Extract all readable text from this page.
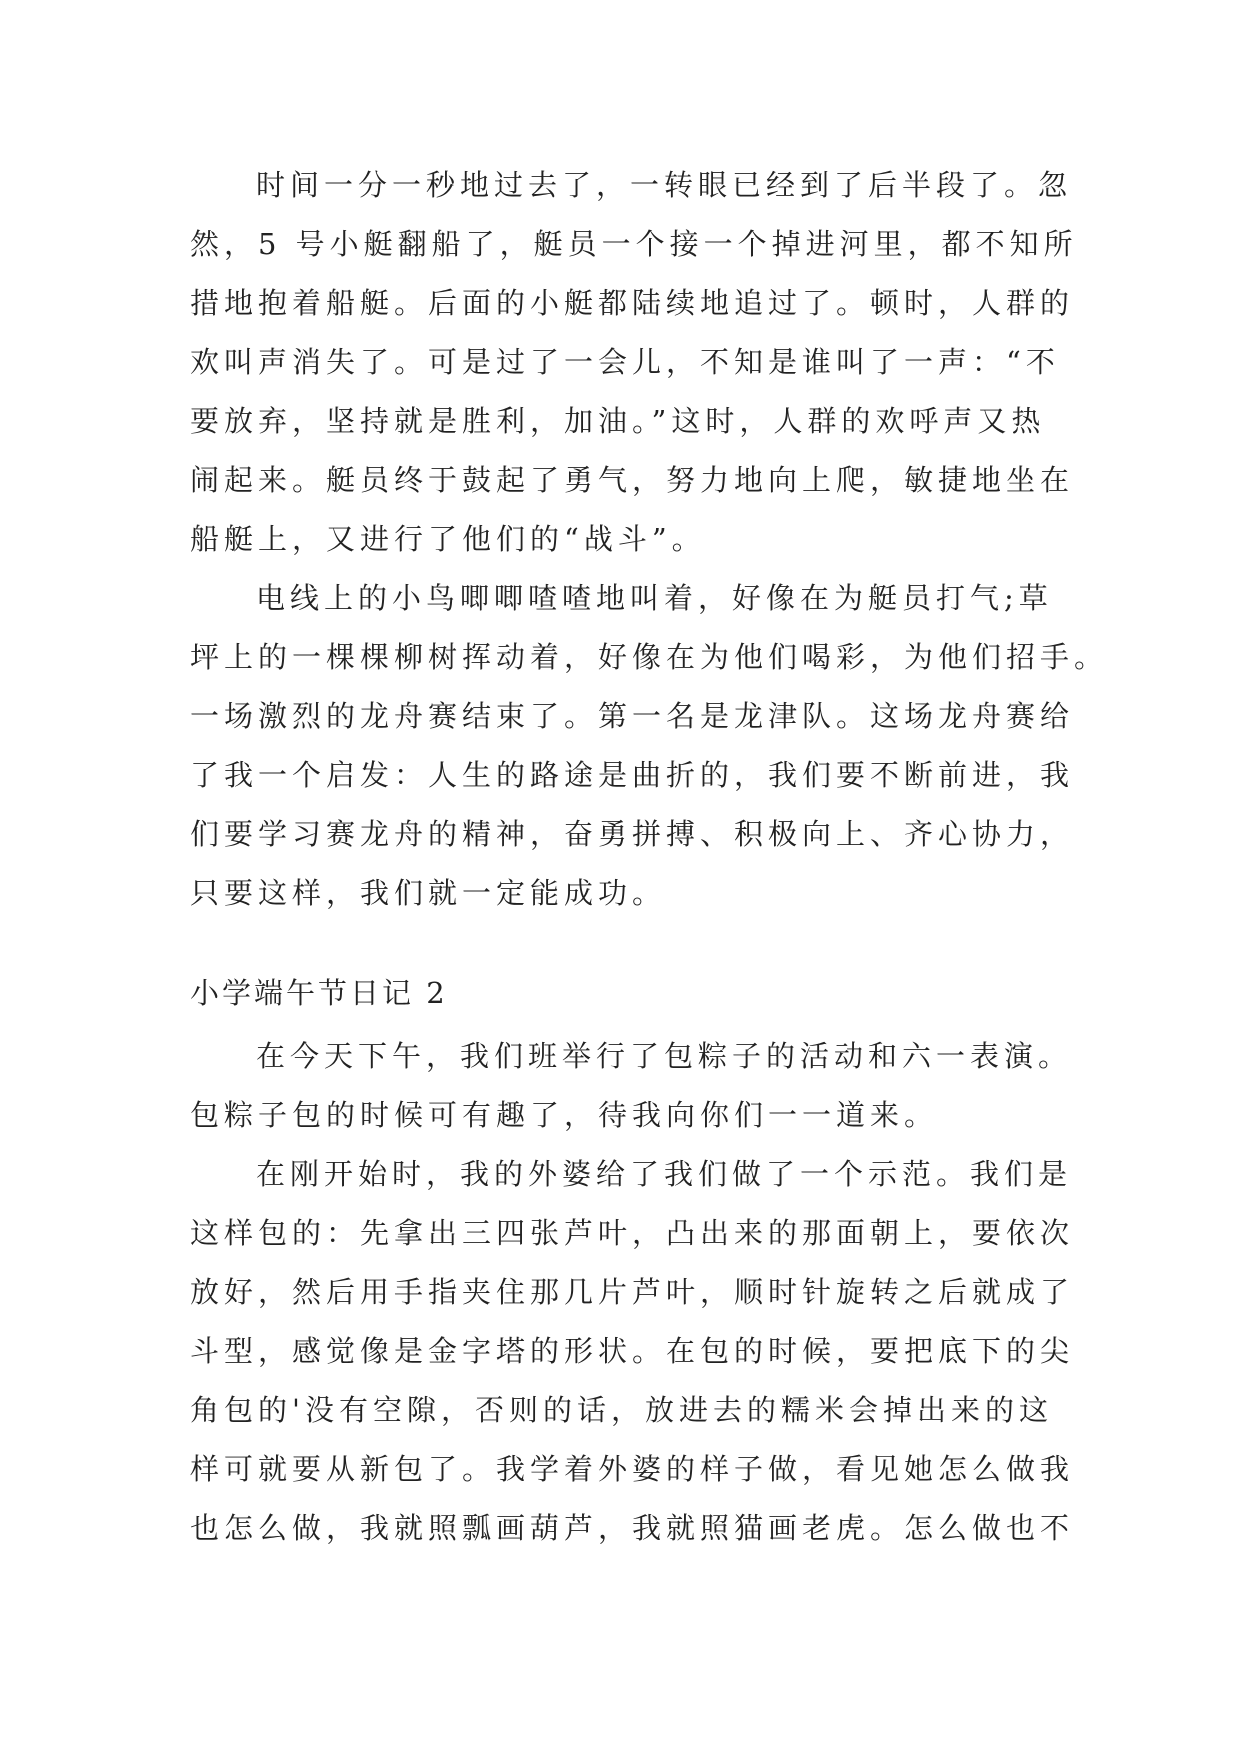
时间一分一秒地过去了，一转眼已经到了后半段了。忽
然，5 号小艇翻船了，艇员一个接一个掉进河里，都不知所
措地抱着船艇。后面的小艇都陆续地追过了。顿时，人群的
欢叫声消失了。可是过了一会儿，不知是谁叫了一声：“不
要放弃，坚持就是胜利，加油。”这时，人群的欢呼声又热
闹起来。艇员终于鼓起了勇气，努力地向上爬，敏捷地坐在
船艇上，又进行了他们的“战斗”。
电线上的小鸟唧唧喳喳地叫着，好像在为艇员打气;草
坪上的一棵棵柳树挥动着，好像在为他们喝彩，为他们招手。
一场激烈的龙舟赛结束了。第一名是龙津队。这场龙舟赛给
了我一个启发：人生的路途是曲折的，我们要不断前进，我
们要学习赛龙舟的精神，奋勇拼搏、积极向上、齐心协力，
只要这样，我们就一定能成功。
小学端午节日记 2
在今天下午，我们班举行了包粽子的活动和六一表演。
包粽子包的时候可有趣了，待我向你们一一道来。
在刚开始时，我的外婆给了我们做了一个示范。我们是
这样包的：先拿出三四张芦叶，凸出来的那面朝上，要依次
放好，然后用手指夹住那几片芦叶，顺时针旋转之后就成了
斗型，感觉像是金字塔的形状。在包的时候，要把底下的尖
角包的'没有空隙，否则的话，放进去的糯米会掉出来的这
样可就要从新包了。我学着外婆的样子做，看见她怎么做我
也怎么做，我就照瓢画葫芦，我就照猫画老虎。怎么做也不
